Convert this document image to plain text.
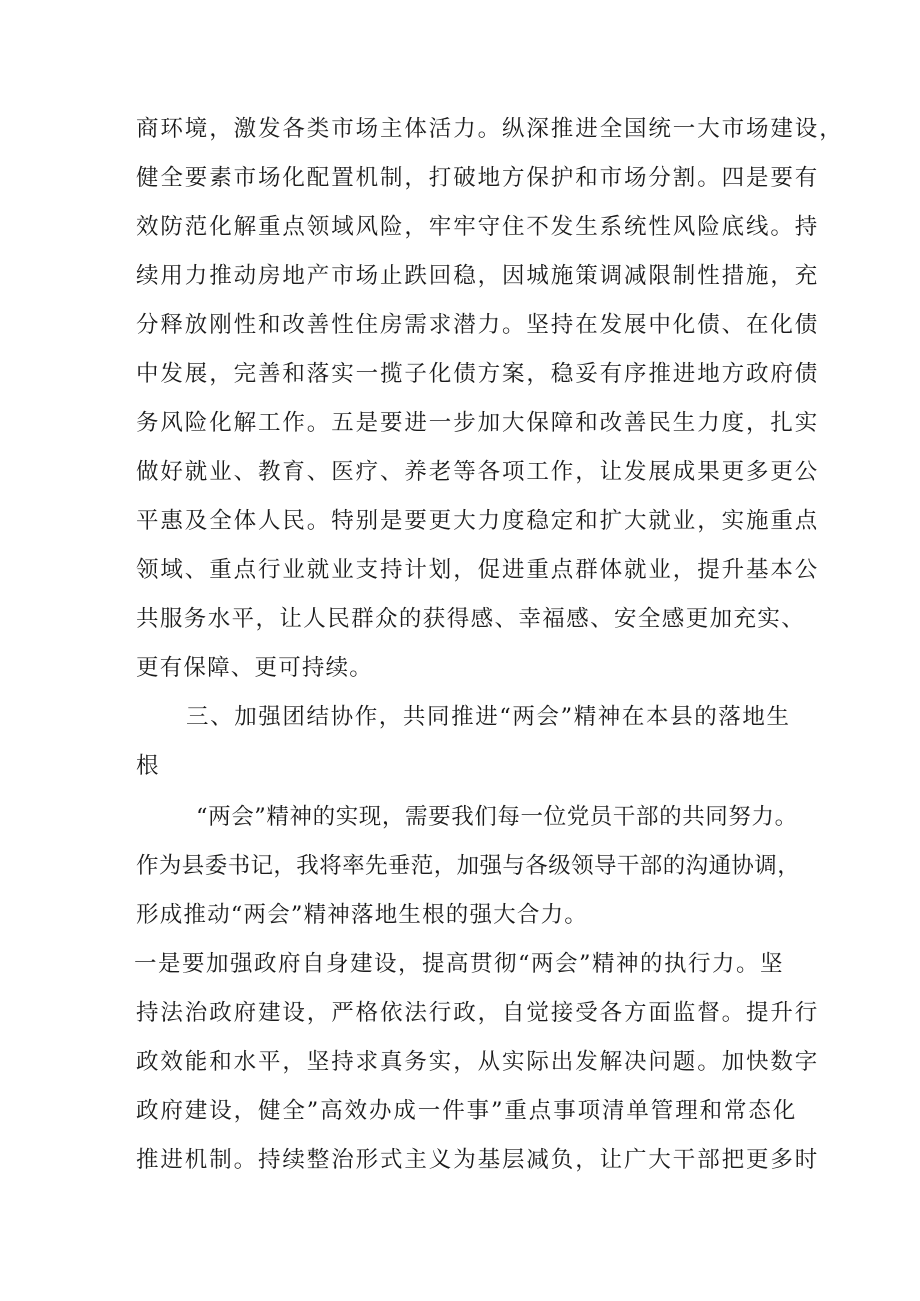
商环境，激发各类市场主体活力。纵深推进全国统一大市场建设，
健全要素市场化配置机制，打破地方保护和市场分割。四是要有
效防范化解重点领域风险，牢牢守住不发生系统性风险底线。持
续用力推动房地产市场止跌回稳，因城施策调减限制性措施，充
分释放刚性和改善性住房需求潜力。坚持在发展中化债、在化债
中发展，完善和落实一揽子化债方案，稳妥有序推进地方政府债
务风险化解工作。五是要进一步加大保障和改善民生力度，扎实
做好就业、教育、医疗、养老等各项工作，让发展成果更多更公
平惠及全体人民。特别是要更大力度稳定和扩大就业，实施重点
领域、重点行业就业支持计划，促进重点群体就业，提升基本公
共服务水平，让人民群众的获得感、幸福感、安全感更加充实、
更有保障、更可持续。
三、加强团结协作，共同推进“两会”精神在本县的落地生
根
“两会”精神的实现，需要我们每一位党员干部的共同努力。
作为县委书记，我将率先垂范，加强与各级领导干部的沟通协调，
形成推动“两会”精神落地生根的强大合力。
一是要加强政府自身建设，提高贯彻“两会”精神的执行力。坚
持法治政府建设，严格依法行政，自觉接受各方面监督。提升行
政效能和水平，坚持求真务实，从实际出发解决问题。加快数字
政府建设，健全”高效办成一件事”重点事项清单管理和常态化
推进机制。持续整治形式主义为基层减负，让广大干部把更多时
